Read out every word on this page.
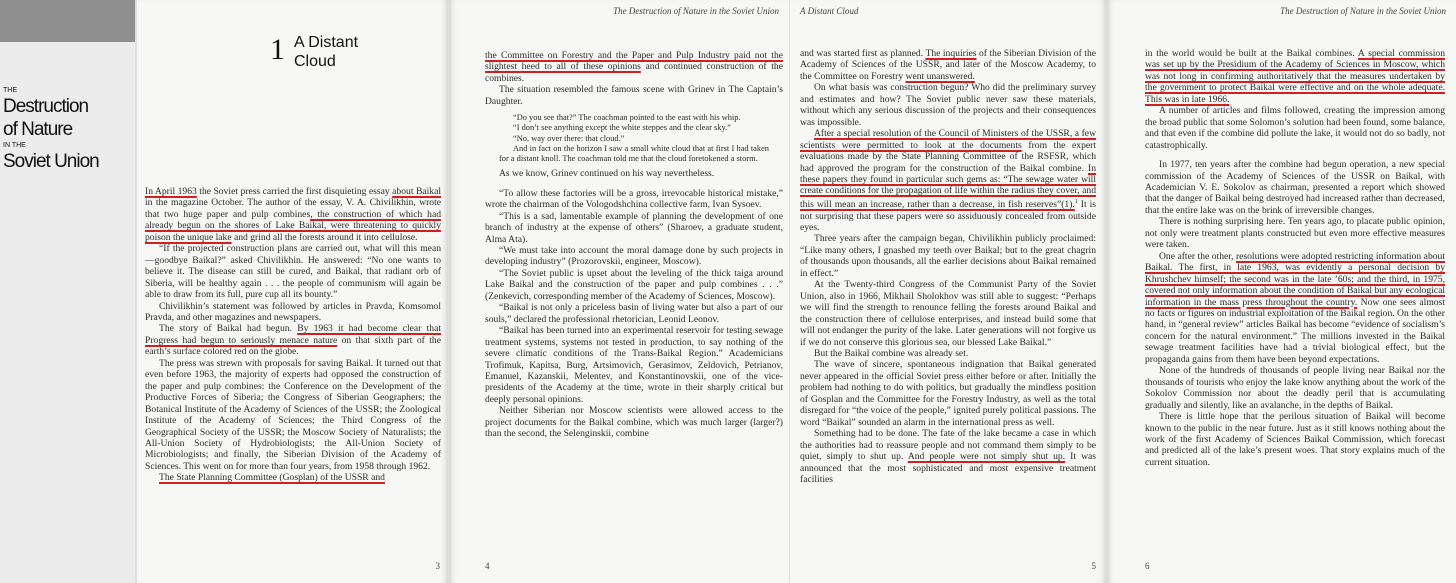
THE
Destruction
of Nature
IN THE
Soviet Union
1 A Distant Cloud

In April 1963 the Soviet press carried the first disquieting essay about Baikal in the magazine October. The author of the essay, V. A. Chivilikhin, wrote that two huge paper and pulp combines, the construction of which had already begun on the shores of Lake Baikal, were threatening to quickly poison the unique lake and grind all the forests around it into cellulose.

“If the projected construction plans are carried out, what will this mean—goodbye Baikal?” asked Chivilikhin. He answered: “No one wants to believe it. The disease can still be cured, and Baikal, that radiant orb of Siberia, will be healthy again . . . the people of communism will again be able to draw from its full, pure cup all its bounty.”

Chivilikhin’s statement was followed by articles in Pravda, Komsomol Pravda, and other magazines and newspapers.

The story of Baikal had begun. By 1963 it had become clear that Progress had begun to seriously menace nature on that sixth part of the earth’s surface colored red on the globe.

The press was strewn with proposals for saving Baikal. It turned out that even before 1963, the majority of experts had opposed the construction of the paper and pulp combines: the Conference on the Development of the Productive Forces of Siberia; the Congress of Siberian Geographers; the Botanical Institute of the Academy of Sciences of the USSR; the Zoological Institute of the Academy of Sciences; the Third Congress of the Geographical Society of the USSR; the Moscow Society of Naturalists; the All-Union Society of Hydrobiologists; the All-Union Society of Microbiologists; and finally, the Siberian Division of the Academy of Sciences. This went on for more than four years, from 1958 through 1962.

The State Planning Committee (Gosplan) of the USSR and

3
The Destruction of Nature in the Soviet Union

the Committee on Forestry and the Paper and Pulp Industry paid not the slightest heed to all of these opinions and continued construction of the combines.

The situation resembled the famous scene with Grinev in The Captain’s Daughter.

“Do you see that?” The coachman pointed to the east with his whip.

“I don’t see anything except the white steppes and the clear sky.”

“No, way over there: that cloud.”

And in fact on the horizon I saw a small white cloud that at first I had taken for a distant knoll. The coachman told me that the cloud foretokened a storm.

As we know, Grinev continued on his way nevertheless.

“To allow these factories will be a gross, irrevocable historical mistake,” wrote the chairman of the Vologodshchina collective farm, Ivan Sysoev.

“This is a sad, lamentable example of planning the development of one branch of industry at the expense of others” (Sharoev, a graduate student, Alma Ata).

“We must take into account the moral damage done by such projects in developing industry” (Prozorovskii, engineer, Moscow).

“The Soviet public is upset about the leveling of the thick taiga around Lake Baikal and the construction of the paper and pulp combines . . .” (Zenkevich, corresponding member of the Academy of Sciences, Moscow).

“Baikal is not only a priceless basin of living water but also a part of our souls,” declared the professional rhetorician, Leonid Leonov.

“Baikal has been turned into an experimental reservoir for testing sewage treatment systems, systems not tested in production, to say nothing of the severe climatic conditions of the Trans-Baikal Region.” Academicians Trofimuk, Kapitsa, Burg, Artsimovich, Gerasimov, Zeldovich, Petrianov, Emanuel, Kazanskii, Melentev, and Konstantinovskii, one of the vice-presidents of the Academy at the time, wrote in their sharply critical but deeply personal opinions.

Neither Siberian nor Moscow scientists were allowed access to the project documents for the Baikal combine, which was much larger (larger?) than the second, the Selenginskii, combine

4
A Distant Cloud

and was started first as planned. The inquiries of the Siberian Division of the Academy of Sciences of the USSR, and later of the Moscow Academy, to the Committee on Forestry went unanswered.

On what basis was construction begun? Who did the preliminary survey and estimates and how? The Soviet public never saw these materials, without which any serious discussion of the projects and their consequences was impossible.

After a special resolution of the Council of Ministers of the USSR, a few scientists were permitted to look at the documents from the expert evaluations made by the State Planning Committee of the RSFSR, which had approved the program for the construction of the Baikal combine. In these papers they found in particular such gems as: “The sewage water will create conditions for the propagation of life within the radius they cover, and this will mean an increase, rather than a decrease, in fish reserves”(1).$^1$ It is not surprising that these papers were so assiduously concealed from outside eyes.

Three years after the campaign began, Chivilikhin publicly proclaimed: “Like many others, I gnashed my teeth over Baikal; but to the great chagrin of thousands upon thousands, all the earlier decisions about Baikal remained in effect.”

At the Twenty-third Congress of the Communist Party of the Soviet Union, also in 1966, Mikhail Sholokhov was still able to suggest: “Perhaps we will find the strength to renounce felling the forests around Baikal and the construction there of cellulose enterprises, and instead build some that will not endanger the purity of the lake. Later generations will not forgive us if we do not conserve this glorious sea, our blessed Lake Baikal.”

But the Baikal combine was already set.

The wave of sincere, spontaneous indignation that Baikal generated never appeared in the official Soviet press either before or after. Initially the problem had nothing to do with politics, but gradually the mindless position of Gosplan and the Committee for the Forestry Industry, as well as the total disregard for “the voice of the people,” ignited purely political passions. The word “Baikal” sounded an alarm in the international press as well.

Something had to be done. The fate of the lake became a case in which the authorities had to reassure people and not command them simply to be quiet, simply to shut up. And people were not simply shut up. It was announced that the most sophisticated and most expensive treatment facilities

5
The Destruction of Nature in the Soviet Union

in the world would be built at the Baikal combines. A special commission was set up by the Presidium of the Academy of Sciences in Moscow, which was not long in confirming authoritatively that the measures undertaken by the government to protect Baikal were effective and on the whole adequate. This was in late 1966.

A number of articles and films followed, creating the impression among the broad public that some Solomon’s solution had been found, some balance, and that even if the combine did pollute the lake, it would not do so badly, not catastrophically.

In 1977, ten years after the combine had begun operation, a new special commission of the Academy of Sciences of the USSR on Baikal, with Academician V. E. Sokolov as chairman, presented a report which showed that the danger of Baikal being destroyed had increased rather than decreased, that the entire lake was on the brink of irreversible changes.

There is nothing surprising here. Ten years ago, to placate public opinion, not only were treatment plants constructed but even more effective measures were taken.

One after the other, resolutions were adopted restricting information about Baikal. The first, in late 1963, was evidently a personal decision by Khrushchev himself; the second was in the late ’60s; and the third, in 1975, covered not only information about the condition of Baikal but any ecological information in the mass press throughout the country. Now one sees almost no facts or figures on industrial exploitation of the Baikal region. On the other hand, in “general review” articles Baikal has become “evidence of socialism’s concern for the natural environment.” The millions invested in the Baikal sewage treatment facilities have had a trivial biological effect, but the propaganda gains from them have been beyond expectations.

None of the hundreds of thousands of people living near Baikal nor the thousands of tourists who enjoy the lake know anything about the work of the Sokolov Commission nor about the deadly peril that is accumulating gradually and silently, like an avalanche, in the depths of Baikal.

There is little hope that the perilous situation of Baikal will become known to the public in the near future. Just as it still knows nothing about the work of the first Academy of Sciences Baikal Commission, which forecast and predicted all of the lake’s present woes. That story explains much of the current situation.

6
